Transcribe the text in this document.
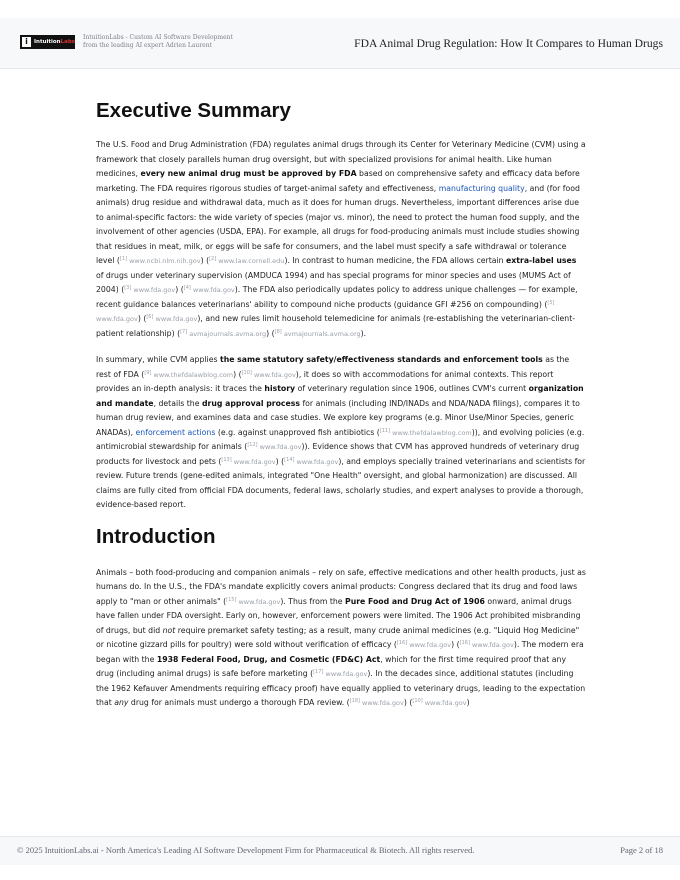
i	IntuitionLabs
IntuitionLabs - Custom AI Software Development
from the leading AI expert Adrien Laurent	FDA Animal Drug Regulation: How It Compares to Human Drugs
Executive Summary

The U.S. Food and Drug Administration (FDA) regulates animal drugs through its Center for Veterinary Medicine (CVM) using a framework that closely parallels human drug oversight, but with specialized provisions for animal health. Like human medicines, every new animal drug must be approved by FDA based on comprehensive safety and efficacy data before marketing. The FDA requires rigorous studies of target-animal safety and effectiveness, manufacturing quality, and (for food animals) drug residue and withdrawal data, much as it does for human drugs. Nevertheless, important differences arise due to animal-specific factors: the wide variety of species (major vs. minor), the need to protect the human food supply, and the involvement of other agencies (USDA, EPA). For example, all drugs for food-producing animals must include studies showing that residues in meat, milk, or eggs will be safe for consumers, and the label must specify a safe withdrawal or tolerance level ([1] www.ncbi.nlm.nih.gov) ([2] www.law.cornell.edu). In contrast to human medicine, the FDA allows certain extra-label uses of drugs under veterinary supervision (AMDUCA 1994) and has special programs for minor species and uses (MUMS Act of 2004) ([3] www.fda.gov) ([4] www.fda.gov). The FDA also periodically updates policy to address unique challenges — for example, recent guidance balances veterinarians' ability to compound niche products (guidance GFI #256 on compounding) ([5] www.fda.gov) ([6] www.fda.gov), and new rules limit household telemedicine for animals (re-establishing the veterinarian-client-patient relationship) ([7] avmajournals.avma.org) ([8] avmajournals.avma.org).

In summary, while CVM applies the same statutory safety/effectiveness standards and enforcement tools as the rest of FDA ([9] www.thefdalawblog.com) ([10] www.fda.gov), it does so with accommodations for animal contexts. This report provides an in-depth analysis: it traces the history of veterinary regulation since 1906, outlines CVM's current organization and mandate, details the drug approval process for animals (including IND/INADs and NDA/NADA filings), compares it to human drug review, and examines data and case studies. We explore key programs (e.g. Minor Use/Minor Species, generic ANADAs), enforcement actions (e.g. against unapproved fish antibiotics ([11] www.thefdalawblog.com)), and evolving policies (e.g. antimicrobial stewardship for animals ([12] www.fda.gov)). Evidence shows that CVM has approved hundreds of veterinary drug products for livestock and pets ([13] www.fda.gov) ([14] www.fda.gov), and employs specially trained veterinarians and scientists for review. Future trends (gene-edited animals, integrated "One Health" oversight, and global harmonization) are discussed. All claims are fully cited from official FDA documents, federal laws, scholarly studies, and expert analyses to provide a thorough, evidence-based report.

Introduction

Animals – both food-producing and companion animals – rely on safe, effective medications and other health products, just as humans do. In the U.S., the FDA's mandate explicitly covers animal products: Congress declared that its drug and food laws apply to "man or other animals" ([15] www.fda.gov). Thus from the Pure Food and Drug Act of 1906 onward, animal drugs have fallen under FDA oversight. Early on, however, enforcement powers were limited. The 1906 Act prohibited misbranding of drugs, but did not require premarket safety testing; as a result, many crude animal medicines (e.g. "Liquid Hog Medicine" or nicotine gizzard pills for poultry) were sold without verification of efficacy ([16] www.fda.gov) ([16] www.fda.gov). The modern era began with the 1938 Federal Food, Drug, and Cosmetic (FD&C) Act, which for the first time required proof that any drug (including animal drugs) is safe before marketing ([17] www.fda.gov). In the decades since, additional statutes (including the 1962 Kefauver Amendments requiring efficacy proof) have equally applied to veterinary drugs, leading to the expectation that any drug for animals must undergo a thorough FDA review. ([18] www.fda.gov) ([10] www.fda.gov)

© 2025 IntuitionLabs.ai - North America's Leading AI Software Development Firm for Pharmaceutical & Biotech. All rights reserved.	Page 2 of 18
